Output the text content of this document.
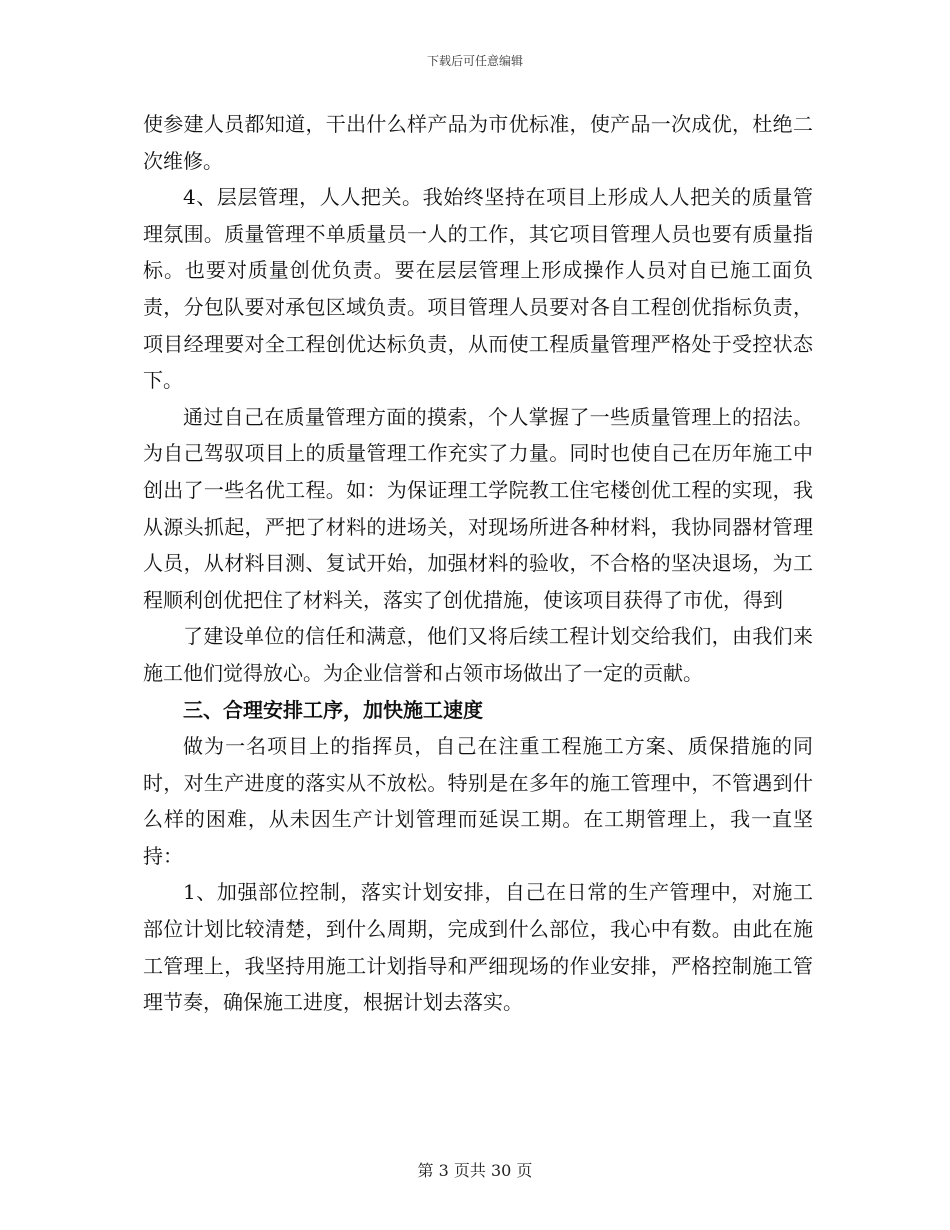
下载后可任意编辑

使参建人员都知道，干出什么样产品为市优标准，使产品一次成优，杜绝二次维修。

4、层层管理，人人把关。我始终坚持在项目上形成人人把关的质量管理氛围。质量管理不单质量员一人的工作，其它项目管理人员也要有质量指标。也要对质量创优负责。要在层层管理上形成操作人员对自已施工面负责，分包队要对承包区域负责。项目管理人员要对各自工程创优指标负责，项目经理要对全工程创优达标负责，从而使工程质量管理严格处于受控状态下。

通过自己在质量管理方面的摸索，个人掌握了一些质量管理上的招法。为自己驾驭项目上的质量管理工作充实了力量。同时也使自己在历年施工中创出了一些名优工程。如：为保证理工学院教工住宅楼创优工程的实现，我从源头抓起，严把了材料的进场关，对现场所进各种材料，我协同器材管理人员，从材料目测、复试开始，加强材料的验收，不合格的坚决退场，为工程顺利创优把住了材料关，落实了创优措施，使该项目获得了市优，得到

了建设单位的信任和满意，他们又将后续工程计划交给我们，由我们来施工他们觉得放心。为企业信誉和占领市场做出了一定的贡献。

三、合理安排工序，加快施工速度

做为一名项目上的指挥员，自己在注重工程施工方案、质保措施的同时，对生产进度的落实从不放松。特别是在多年的施工管理中，不管遇到什么样的困难，从未因生产计划管理而延误工期。在工期管理上，我一直坚持：

1、加强部位控制，落实计划安排，自己在日常的生产管理中，对施工部位计划比较清楚，到什么周期，完成到什么部位，我心中有数。由此在施工管理上，我坚持用施工计划指导和严细现场的作业安排，严格控制施工管理节奏，确保施工进度，根据计划去落实。

第 3 页共 30 页
